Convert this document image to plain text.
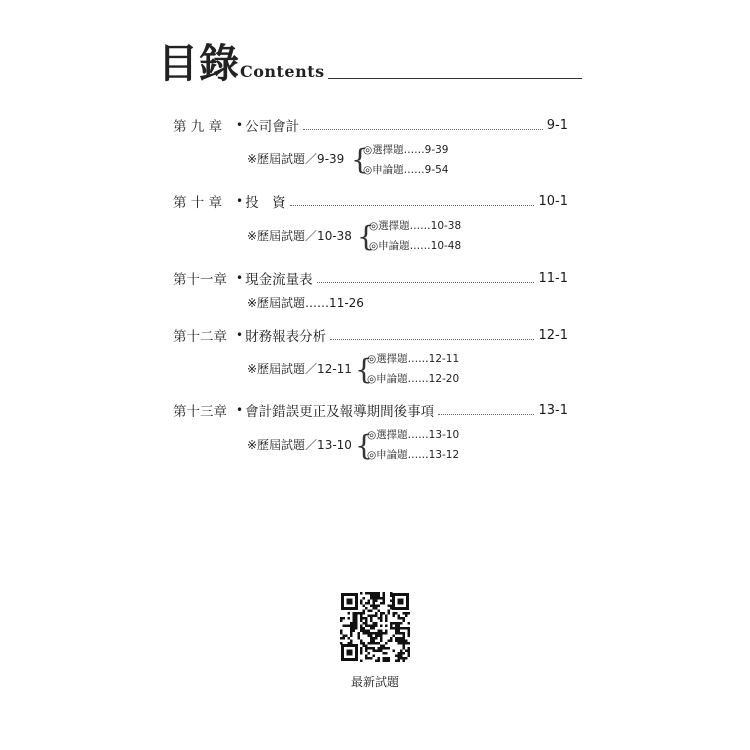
目錄 Contents
第 九 章	• 公司會計	9-1
※歷屆試題／9-39 {
◎選擇題……9-39
◎申論題……9-54
第 十 章	• 投　資	10-1
※歷屆試題／10-38 {
◎選擇題……10-38
◎申論題……10-48
第十一章 • 現金流量表	11-1
※歷屆試題……11-26
第十二章 • 財務報表分析	12-1
※歷屆試題／12-11 {
◎選擇題……12-11
◎申論題……12-20
第十三章 • 會計錯誤更正及報導期間後事項	13-1
※歷屆試題／13-10 {
◎選擇題……13-10
◎申論題……13-12
最新試題
